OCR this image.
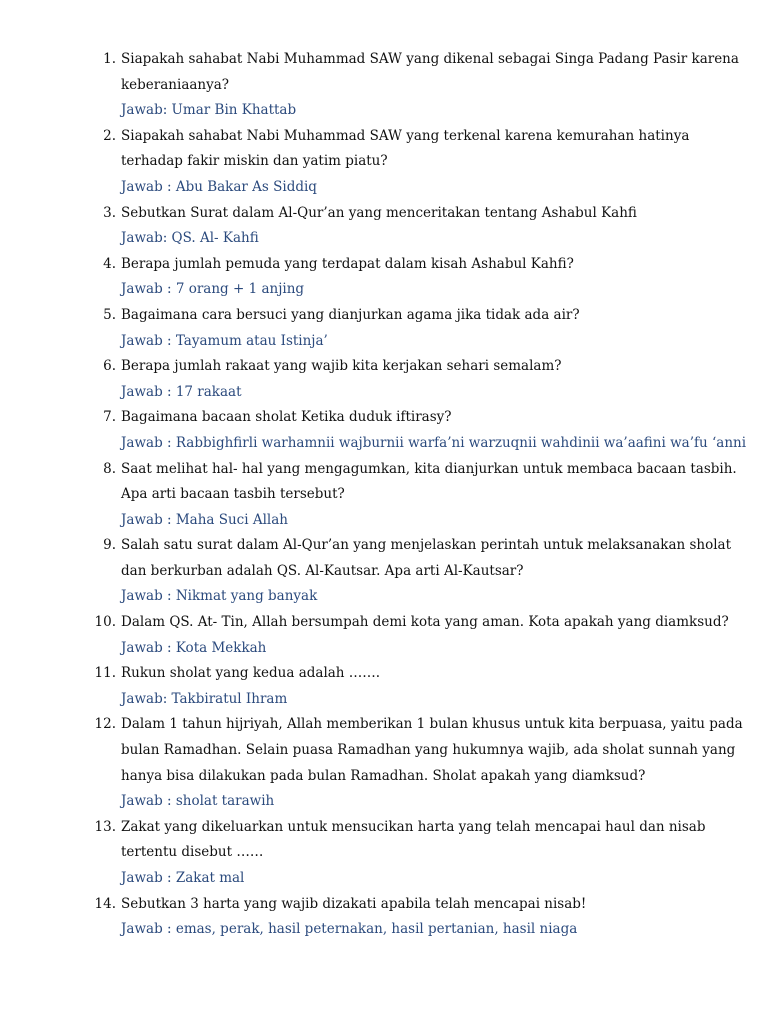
1. Siapakah sahabat Nabi Muhammad SAW yang dikenal sebagai Singa Padang Pasir karena
keberaniaanya?
Jawab: Umar Bin Khattab
2. Siapakah sahabat Nabi Muhammad SAW yang terkenal karena kemurahan hatinya
terhadap fakir miskin dan yatim piatu?
Jawab : Abu Bakar As Siddiq
3. Sebutkan Surat dalam Al-Qur’an yang menceritakan tentang Ashabul Kahfi
Jawab: QS. Al- Kahfi
4. Berapa jumlah pemuda yang terdapat dalam kisah Ashabul Kahfi?
Jawab : 7 orang + 1 anjing
5. Bagaimana cara bersuci yang dianjurkan agama jika tidak ada air?
Jawab : Tayamum atau Istinja’
6. Berapa jumlah rakaat yang wajib kita kerjakan sehari semalam?
Jawab : 17 rakaat
7. Bagaimana bacaan sholat Ketika duduk iftirasy?
Jawab : Rabbighfirli warhamnii wajburnii warfa’ni warzuqnii wahdinii wa’aafini wa’fu ‘anni
8. Saat melihat hal- hal yang mengagumkan, kita dianjurkan untuk membaca bacaan tasbih.
Apa arti bacaan tasbih tersebut?
Jawab : Maha Suci Allah
9. Salah satu surat dalam Al-Qur’an yang menjelaskan perintah untuk melaksanakan sholat
dan berkurban adalah QS. Al-Kautsar. Apa arti Al-Kautsar?
Jawab : Nikmat yang banyak
10. Dalam QS. At- Tin, Allah bersumpah demi kota yang aman. Kota apakah yang diamksud?
Jawab : Kota Mekkah
11. Rukun sholat yang kedua adalah …….
Jawab: Takbiratul Ihram
12. Dalam 1 tahun hijriyah, Allah memberikan 1 bulan khusus untuk kita berpuasa, yaitu pada
bulan Ramadhan. Selain puasa Ramadhan yang hukumnya wajib, ada sholat sunnah yang
hanya bisa dilakukan pada bulan Ramadhan. Sholat apakah yang diamksud?
Jawab : sholat tarawih
13. Zakat yang dikeluarkan untuk mensucikan harta yang telah mencapai haul dan nisab
tertentu disebut ……
Jawab : Zakat mal
14. Sebutkan 3 harta yang wajib dizakati apabila telah mencapai nisab!
Jawab : emas, perak, hasil peternakan, hasil pertanian, hasil niaga
